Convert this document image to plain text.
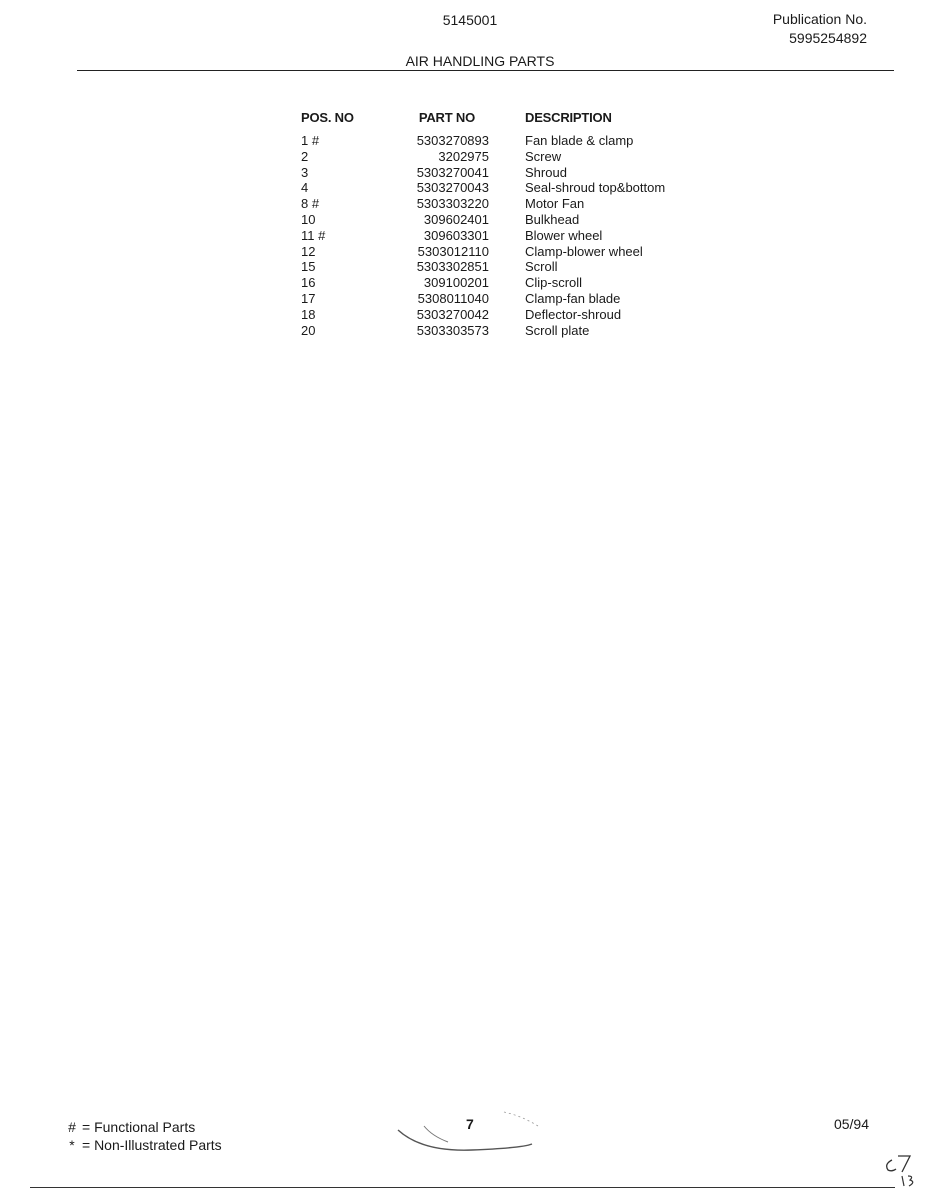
5145001	Publication No.
5995254892
AIR HANDLING PARTS
POS. NO	PART NO	DESCRIPTION
1 #	5303270893	Fan blade & clamp
2	3202975	Screw
3	5303270041	Shroud
4	5303270043	Seal-shroud top&bottom
8 #	5303303220	Motor Fan
10	309602401	Bulkhead
11 #	309603301	Blower wheel
12	5303012110	Clamp-blower wheel
15	5303302851	Scroll
16	309100201	Clip-scroll
17	5308011040	Clamp-fan blade
18	5303270042	Deflector-shroud
20	5303303573	Scroll plate
# = Functional Parts
* = Non-Illustrated Parts
7	05/94
